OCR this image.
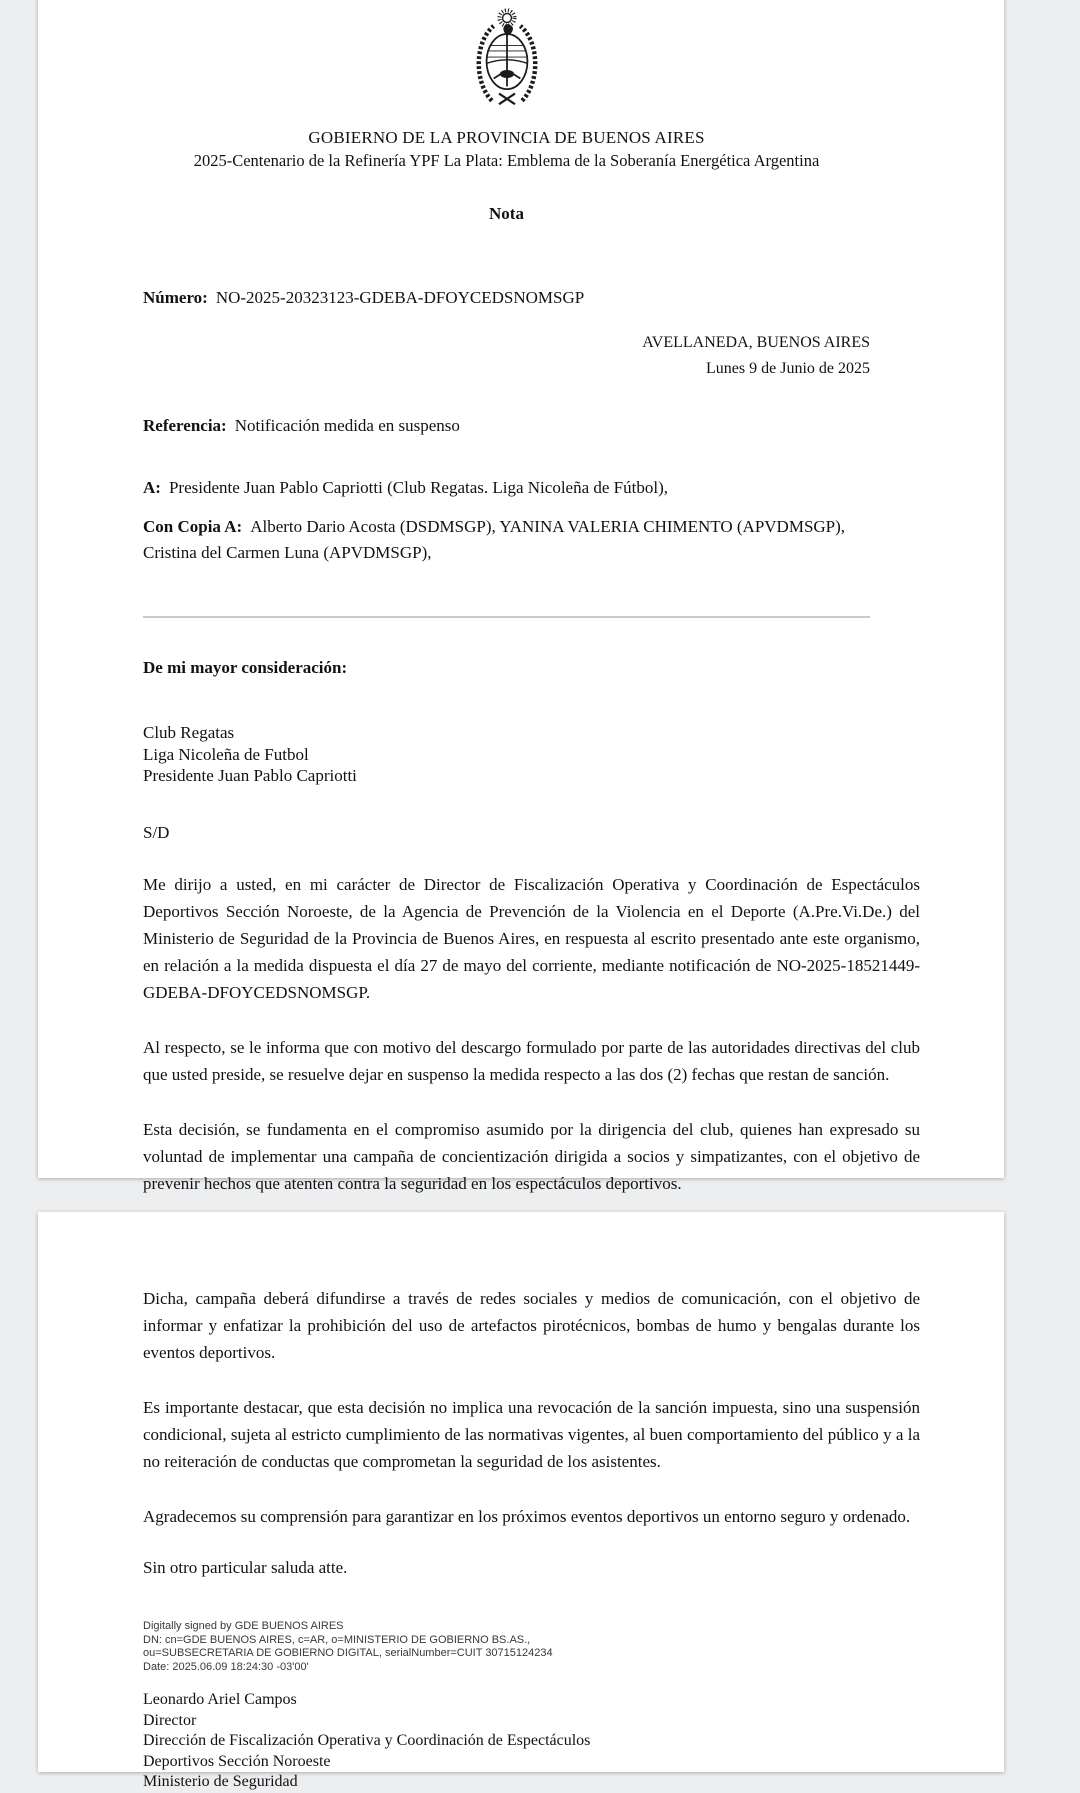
GOBIERNO DE LA PROVINCIA DE BUENOS AIRES
2025-Centenario de la Refinería YPF La Plata: Emblema de la Soberanía Energética Argentina
Nota
Número: NO-2025-20323123-GDEBA-DFOYCEDSNOMSGP
AVELLANEDA, BUENOS AIRES
Lunes 9 de Junio de 2025
Referencia: Notificación medida en suspenso
A: Presidente Juan Pablo Capriotti (Club Regatas. Liga Nicoleña de Fútbol),
Con Copia A: Alberto Dario Acosta (DSDMSGP), YANINA VALERIA CHIMENTO (APVDMSGP), Cristina del Carmen Luna (APVDMSGP),
De mi mayor consideración:
Club Regatas
Liga Nicoleña de Futbol
Presidente Juan Pablo Capriotti
S/D

Me dirijo a usted, en mi carácter de Director de Fiscalización Operativa y Coordinación de Espectáculos Deportivos Sección Noroeste, de la Agencia de Prevención de la Violencia en el Deporte (A.Pre.Vi.De.) del Ministerio de Seguridad de la Provincia de Buenos Aires, en respuesta al escrito presentado ante este organismo, en relación a la medida dispuesta el día 27 de mayo del corriente, mediante notificación de NO-2025-18521449-GDEBA-DFOYCEDSNOMSGP.

Al respecto, se le informa que con motivo del descargo formulado por parte de las autoridades directivas del club que usted preside, se resuelve dejar en suspenso la medida respecto a las dos (2) fechas que restan de sanción.

Esta decisión, se fundamenta en el compromiso asumido por la dirigencia del club, quienes han expresado su voluntad de implementar una campaña de concientización dirigida a socios y simpatizantes, con el objetivo de prevenir hechos que atenten contra la seguridad en los espectáculos deportivos.

Dicha, campaña deberá difundirse a través de redes sociales y medios de comunicación, con el objetivo de informar y enfatizar la prohibición del uso de artefactos pirotécnicos, bombas de humo y bengalas durante los eventos deportivos.

Es importante destacar, que esta decisión no implica una revocación de la sanción impuesta, sino una suspensión condicional, sujeta al estricto cumplimiento de las normativas vigentes, al buen comportamiento del público y a la no reiteración de conductas que comprometan la seguridad de los asistentes.

Agradecemos su comprensión para garantizar en los próximos eventos deportivos un entorno seguro y ordenado.

Sin otro particular saluda atte.
Digitally signed by GDE BUENOS AIRES
DN: cn=GDE BUENOS AIRES, c=AR, o=MINISTERIO DE GOBIERNO BS.AS.,
ou=SUBSECRETARIA DE GOBIERNO DIGITAL, serialNumber=CUIT 30715124234
Date: 2025.06.09 18:24:30 -03'00'
Leonardo Ariel Campos
Director
Dirección de Fiscalización Operativa y Coordinación de Espectáculos
Deportivos Sección Noroeste
Ministerio de Seguridad
